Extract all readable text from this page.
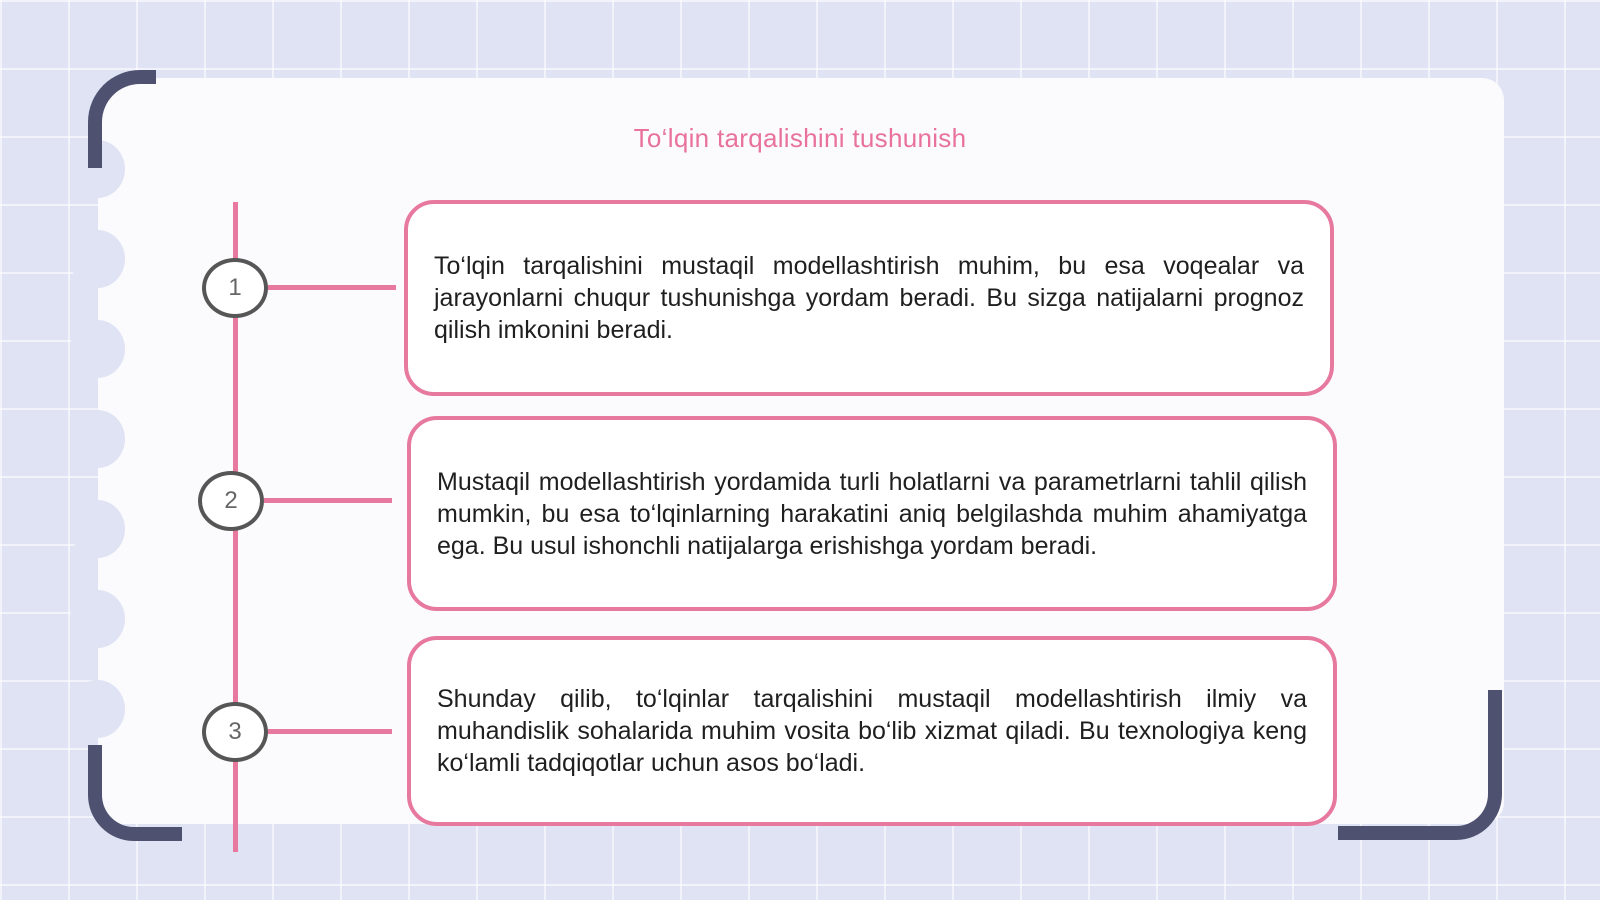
To‘lqin tarqalishini tushunish
1
To‘lqin tarqalishini mustaqil modellashtirish muhim, bu esa voqealar va jarayonlarni chuqur tushunishga yordam beradi. Bu sizga natijalarni prognoz qilish imkonini beradi.
2
Mustaqil modellashtirish yordamida turli holatlarni va parametrlarni tahlil qilish mumkin, bu esa to‘lqinlarning harakatini aniq belgilashda muhim ahamiyatga ega. Bu usul ishonchli natijalarga erishishga yordam beradi.
3
Shunday qilib, to‘lqinlar tarqalishini mustaqil modellashtirish ilmiy va muhandislik sohalarida muhim vosita bo‘lib xizmat qiladi. Bu texnologiya keng ko‘lamli tadqiqotlar uchun asos bo‘ladi.
